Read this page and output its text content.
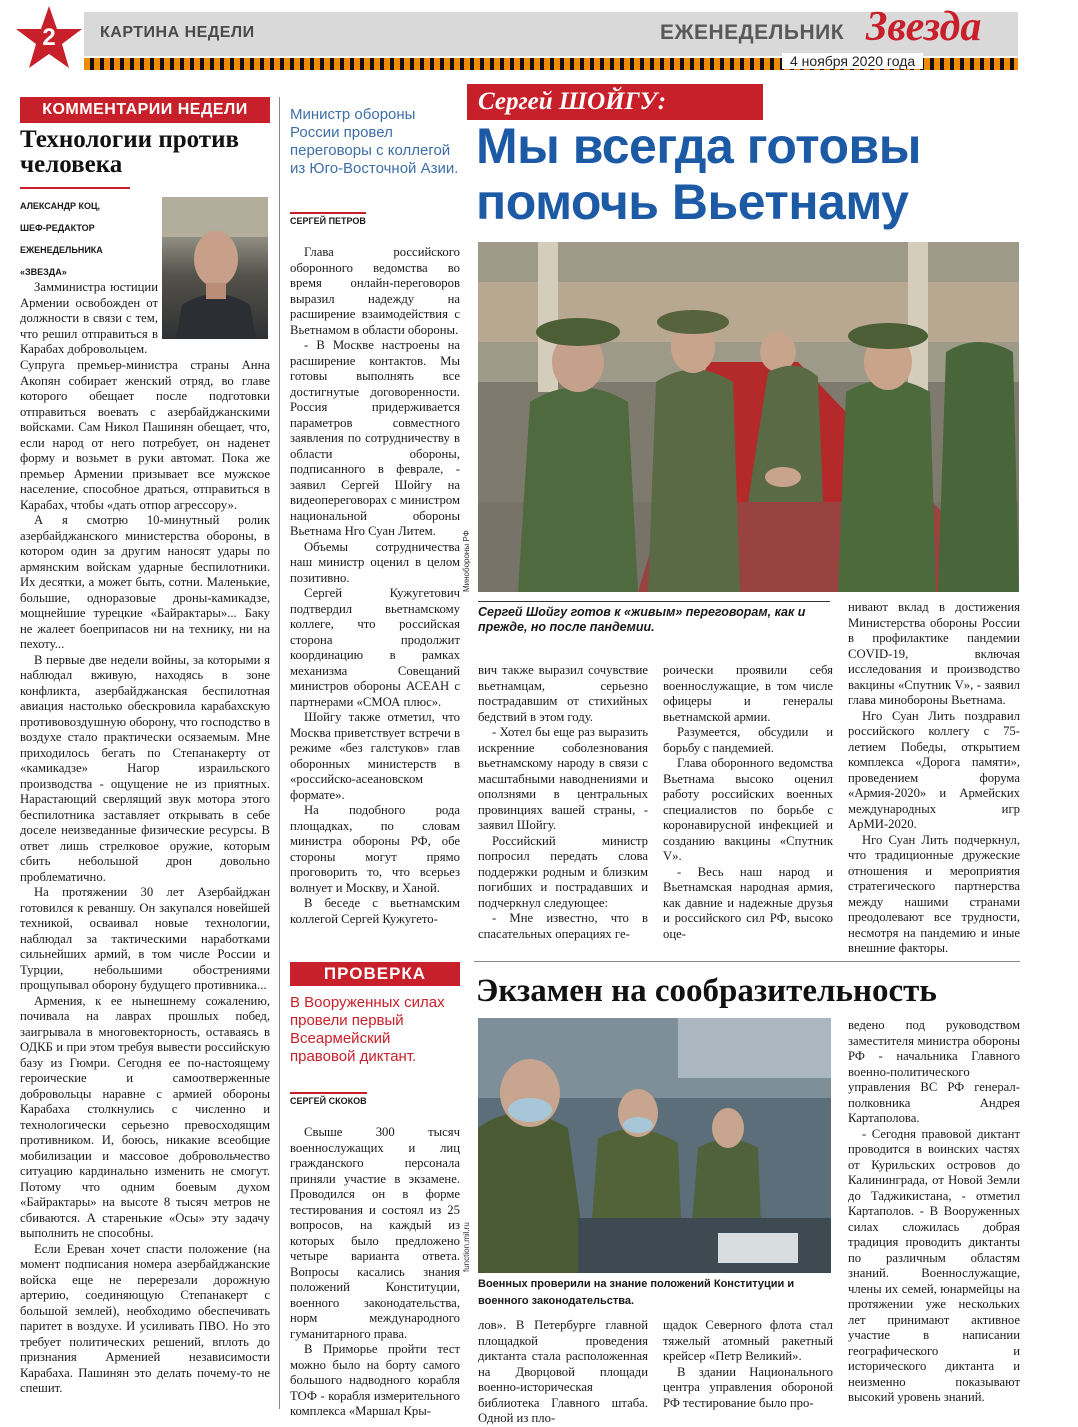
2	КАРТИНА НЕДЕЛИ	ЕЖЕНЕДЕЛЬНИК Звезда
4 ноября 2020 года
КОММЕНТАРИИ НЕДЕЛИ
Технологии против человека
АЛЕКСАНДР КОЦ,
ШЕФ-РЕДАКТОР
ЕЖЕНЕДЕЛЬНИКА
«ЗВЕЗДА»

Замминистра юстиции Армении освобожден от должности в связи с тем, что решил отправиться в Карабах добровольцем.

Супруга премьер-министра страны Анна Акопян собирает женский отряд, во главе которого обещает после подготовки отправиться воевать с азербайджанскими войсками. Сам Никол Пашинян обещает, что, если народ от него потребует, он наденет форму и возьмет в руки автомат. Пока же премьер Армении призывает все мужское население, способное драться, отправиться в Карабах, чтобы «дать отпор агрессору».

А я смотрю 10-минутный ролик азербайджанского министерства обороны, в котором один за другим наносят удары по армянским войскам ударные беспилотники. Их десятки, а может быть, сотни. Маленькие, большие, одноразовые дроны-камикадзе, мощнейшие турецкие «Байрактары»... Баку не жалеет боеприпасов ни на технику, ни на пехоту...

В первые две недели войны, за которыми я наблюдал вживую, находясь в зоне конфликта, азербайджанская беспилотная авиация настолько обескровила карабахскую противовоздушную оборону, что господство в воздухе стало практически осязаемым. Мне приходилось бегать по Степанакерту от «камикадзе» Нагор израильского производства - ощущение не из приятных. Нарастающий сверлящий звук мотора этого беспилотника заставляет открывать в себе доселе неизведанные физические ресурсы. В ответ лишь стрелковое оружие, которым сбить небольшой дрон довольно проблематично.

На протяжении 30 лет Азербайджан готовился к реваншу. Он закупался новейшей техникой, осваивал новые технологии, наблюдал за тактическими наработками сильнейших армий, в том числе России и Турции, небольшими обострениями прощупывал оборону будущего противника...

Армения, к ее нынешнему сожалению, почивала на лаврах прошлых побед, заигрывала в многовекторность, оставаясь в ОДКБ и при этом требуя вывести российскую базу из Гюмри. Сегодня ее по-настоящему героические и самоотверженные добровольцы наравне с армией обороны Карабаха столкнулись с численно и технологически серьезно превосходящим противником. И, боюсь, никакие всеобщие мобилизации и массовое добровольчество ситуацию кардинально изменить не смогут. Потому что одним боевым духом «Байрактары» на высоте 8 тысяч метров не сбиваются. А старенькие «Осы» эту задачу выполнить не способны.

Если Ереван хочет спасти положение (на момент подписания номера азербайджанские войска еще не перерезали дорожную артерию, соединяющую Степанакерт с большой землей), необходимо обеспечивать паритет в воздухе. И усиливать ПВО. Но это требует политических решений, вплоть до признания Арменией независимости Карабаха. Пашинян это делать почему-то не спешит.

Министр обороны России провел переговоры с коллегой из Юго-Восточной Азии.
СЕРГЕЙ ПЕТРОВ
Сергей ШОЙГУ:
Мы всегда готовы помочь Вьетнаму
Минобороны РФ
Сергей Шойгу готов к «живым» переговорам, как и прежде, но после пандемии.

Глава российского оборонного ведомства во время онлайн-переговоров выразил надежду на расширение взаимодействия с Вьетнамом в области обороны.

- В Москве настроены на расширение контактов. Мы готовы выполнять все достигнутые договоренности. Россия придерживается параметров совместного заявления по сотрудничеству в области обороны, подписанного в феврале, - заявил Сергей Шойгу на видеопереговорах с министром национальной обороны Вьетнама Нго Суан Литем.

Объемы сотрудничества наш министр оценил в целом позитивно.

Сергей Кужугетович подтвердил вьетнамскому коллеге, что российская сторона продолжит координацию в рамках механизма Совещаний министров обороны АСЕАН с партнерами «СМОА плюс».

Шойгу также отметил, что Москва приветствует встречи в режиме «без галстуков» глав оборонных министерств в «российско-асеановском формате».

На подобного рода площадках, по словам министра обороны РФ, обе стороны могут прямо проговорить то, что всерьез волнует и Москву, и Ханой.

В беседе с вьетнамским коллегой Сергей Кужугето-

вич также выразил сочувствие вьетнамцам, серьезно пострадавшим от стихийных бедствий в этом году.

- Хотел бы еще раз выразить искренние соболезнования вьетнамскому народу в связи с масштабными наводнениями и оползнями в центральных провинциях вашей страны, - заявил Шойгу.

Российский министр попросил передать слова поддержки родным и близким погибших и пострадавших и подчеркнул следующее:

- Мне известно, что в спасательных операциях ге-

роически проявили себя военнослужащие, в том числе офицеры и генералы вьетнамской армии.

Разумеется, обсудили и борьбу с пандемией.

Глава оборонного ведомства Вьетнама высоко оценил работу российских военных специалистов по борьбе с коронавирусной инфекцией и созданию вакцины «Спутник V».

- Весь наш народ и Вьетнамская народная армия, как давние и надежные друзья и российского сил РФ, высоко оце-

нивают вклад в достижения Министерства обороны России в профилактике пандемии COVID-19, включая исследования и производство вакцины «Спутник V», - заявил глава минобороны Вьетнама.

Нго Суан Лить поздравил российского коллегу с 75-летием Победы, открытием комплекса «Дорога памяти», проведением форума «Армия-2020» и Армейских международных игр АрМИ-2020.

Нго Суан Лить подчеркнул, что традиционные дружеские отношения и мероприятия стратегического партнерства между нашими странами преодолевают все трудности, несмотря на пандемию и иные внешние факторы.

ПРОВЕРКА
В Вооруженных силах провели первый Всеармейский правовой диктант.
СЕРГЕЙ СКОКОВ
Экзамен на сообразительность
function.mil.ru
Военных проверили на знание положений Конституции и военного законодательства.

Свыше 300 тысяч военнослужащих и лиц гражданского персонала приняли участие в экзамене. Проводился он в форме тестирования и состоял из 25 вопросов, на каждый из которых было предложено четыре варианта ответа. Вопросы касались знания положений Конституции, военного законодательства, норм международного гуманитарного права.

В Приморье пройти тест можно было на борту самого большого надводного корабля ТОФ - корабля измерительного комплекса «Маршал Кры-

лов». В Петербурге главной площадкой проведения диктанта стала расположенная на Дворцовой площади военно-историческая библиотека Главного штаба. Одной из пло-

щадок Северного флота стал тяжелый атомный ракетный крейсер «Петр Великий».

В здании Национального центра управления обороной РФ тестирование было про-

ведено под руководством заместителя министра обороны РФ - начальника Главного военно-политического управления ВС РФ генерал-полковника Андрея Картаполова.

- Сегодня правовой диктант проводится в воинских частях от Курильских островов до Калининграда, от Новой Земли до Таджикистана, - отметил Картаполов. - В Вооруженных силах сложилась добрая традиция проводить диктанты по различным областям знаний. Военнослужащие, члены их семей, юнармейцы на протяжении уже нескольких лет принимают активное участие в написании географического и исторического диктанта и неизменно показывают высокий уровень знаний.
